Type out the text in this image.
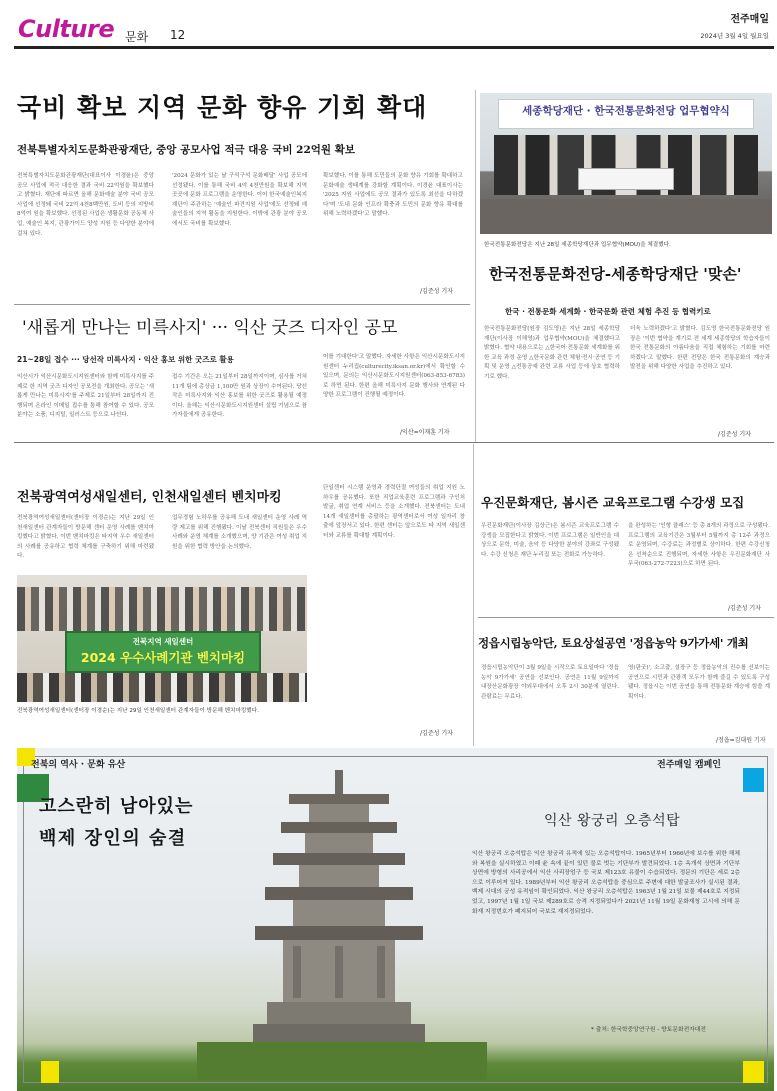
Culture 문화 12
전주매일
2024년 3월 4일 월요일
국비 확보 지역 문화 향유 기회 확대
전북특별자치도문화관광재단, 중앙 공모사업 적극 대응 국비 22억원 확보

전북특별자치도문화관광재단(대표이사 이경윤)은 중앙 공모 사업에 적극 대응한 결과 국비 22억원을 확보했다고 밝혔다. 재단에 따르면 올해 문화예술 분야 국비 공모사업에 선정돼 국비 22억 4천8백만원, 도비 등의 지방비 8억여 원을 확보했다. 선정된 사업은 생활문화 공동체 사업, 예술인 복지, 관광가이드 양성 지원 등 다양한 분야에 걸쳐 있다.

'2024 문화가 있는 날 구석구석 문화배달' 사업 공모에 선정됐다. 이를 통해 국비 4억 4천만원을 확보해 지역 곳곳에 문화 프로그램을 운영한다. 이어 한국예술인복지재단이 주관하는 '예술인 파견지원 사업'에도 선정돼 예술인들의 지역 활동을 지원한다. 이밖에 관광 분야 공모에서도 국비를 확보했다.

확보했다. 이를 통해 도민들의 문화 향유 기회를 확대하고 문화예술 생태계를 강화할 계획이다. 이경윤 대표이사는 '2025 지원 사업에도 공모 결과가 있도록 최선을 다하겠다'며 '도내 문화 인프라 확충과 도민의 문화 향유 확대를 위해 노력하겠다'고 말했다.

/김준성 기자
세종학당재단 · 한국전통문화전당 업무협약식
한국전통문화전당은 지난 28일 세종학당재단과 업무협약(MOU)을 체결했다.
한국전통문화전당-세종학당재단 '맞손'
한국 · 전통문화 세계화 · 한국문화 관련 체험 추진 등 협력키로

한국전통문화전당(원장 김도영)은 지난 28일 세종학당재단(이사장 이해영)과 업무협약(MOU)을 체결했다고 밝혔다. 협약 내용으로는 △한국어·전통문화 세계화를 위한 교육 과정 운영 △한국문화 관련 체험·전시·공연 등 기획 및 운영 △전통공예 관련 교류 사업 등에 상호 협력하기로 했다.

더욱 노력하겠다'고 밝혔다. 김도영 한국전통문화전당 원장은 '이번 협약을 계기로 전 세계 세종학당의 학습자들이 한국 전통문화의 아름다움을 직접 체험하는 기회를 마련하겠다'고 말했다. 한편 전당은 한국 전통문화의 계승과 발전을 위해 다양한 사업을 추진하고 있다.

/김준성 기자
'새롭게 만나는 미륵사지' ··· 익산 굿즈 디자인 공모
21~28일 접수 ··· 당선작 미륵사지 · 익산 홍보 위한 굿즈로 활용

익산시가 익산시문화도시지원센터와 함께 미륵사지를 주제로 한 지역 굿즈 디자인 공모전을 개최한다. 공모는 '새롭게 만나는 미륵사지'를 주제로 21일부터 28일까지 진행되며 온라인 이메일 접수를 통해 참여할 수 있다. 공모 분야는 소품, 디지털, 일러스트 등으로 나뉜다.

접수 기간은 오는 21일부터 28일까지이며, 심사를 거쳐 11개 팀에 총상금 1,100만 원과 상장이 수여된다. 당선작은 미륵사지와 익산 홍보를 위한 굿즈로 활용될 예정이다. 올해는 익산시문화도시지원센터 설립 기념으로 참가자들에게 공유한다.

어를 기대한다'고 말했다. 자세한 사항은 익산시문화도시지원센터 누리집(culturecity.iksan.or.kr)에서 확인할 수 있으며, 문의는 익산시문화도시지원센터(063-853-6783)로 하면 된다. 한편 올해 미륵사지 문화 행사와 연계된 다양한 프로그램이 진행될 예정이다.

/익산=이재훈 기자
전북광역여성새일센터, 인천새일센터 벤치마킹

전북광역여성새일센터(센터장 이경순)는 지난 29일 인천새일센터 관계자들이 방문해 센터 운영 사례를 벤치마킹했다고 밝혔다. 이번 벤치마킹은 타지역 우수 새일센터의 사례를 공유하고 협력 체계를 구축하기 위해 마련됐다.

업무경험 노하우를 공유해 도내 새일센터 운영 사례 역량 제고를 위해 진행됐다. 이날 전북센터 직원들은 우수 사례와 운영 체계를 소개했으며, 양 기관은 여성 취업 지원을 위한 협력 방안을 논의했다.

단일센터 시스템 운영과 경력단절 여성들의 취업 지원 노하우를 공유했다. 또한 직업교육훈련 프로그램과 구인처 발굴, 취업 연계 서비스 등을 소개했다. 전북센터는 도내 14개 새일센터를 총괄하는 광역센터로서 여성 일자리 창출에 앞장서고 있다. 한편 센터는 앞으로도 타 지역 새일센터와 교류를 확대할 계획이다.

/김준성 기자
전북지역 새일센터
2024 우수사례기관 벤치마킹
전북광역여성새일센터(센터장 이경순)는 지난 29일 인천새일센터 관계자들이 방문해 벤치마킹했다.
우진문화재단, 봄시즌 교육프로그램 수강생 모집

우진문화재단(이사장 김상근)은 봄시즌 교육프로그램 수강생을 모집한다고 밝혔다. 이번 프로그램은 일반인을 대상으로 문학, 미술, 음악 등 다양한 분야의 강좌로 구성됐다. 수강 신청은 재단 누리집 또는 전화로 가능하다.

을 완성하는 '인형 클래스' 등 총 8개의 과정으로 구성됐다. 프로그램의 교육기간은 3월부터 5월까지 총 12주 과정으로 운영되며, 수강료는 과정별로 상이하다. 한편 수강신청은 선착순으로 진행되며, 자세한 사항은 우진문화재단 사무국(063-272-7223)으로 하면 된다.

/김준성 기자
정읍시립농악단, 토요상설공연 '정읍농악 9가가세' 개최

정읍시립농악단이 3월 9일을 시작으로 토요일마다 '정읍농악 9가가세' 공연을 선보인다. 공연은 11월 9일까지 내장산문화광장 야외무대에서 오후 2시 30분에 열린다. 관람료는 무료다.

영(판굿)', 소고춤, 설장구 등 정읍농악의 진수를 선보이는 공연으로 시민과 관광객 모두가 함께 즐길 수 있도록 구성됐다. 정읍시는 이번 공연을 통해 전통문화 계승에 힘쓸 계획이다.

/정읍=김대원 기자
전북의 역사 · 문화 유산	전주매일 캠페인
고스란히 남아있는
백제 장인의 숨결
익산 왕궁리 오층석탑
익산 왕궁리 오층석탑은 익산 왕궁리 유적에 있는 오층석탑이다. 1965년부터 1966년에 보수를 위한 해체와 복원을 실시하였고 이때 윤 속에 끝이 있던 불로 벗는 기단부가 발견되었다. 1층 옥개석 상면과 기단부 상면에 방형의 사리공에서 익산 사리장엄구 등 국보 제123호 유물이 수습되었다. 정문의 기단은 세로 2층으로 이루어져 있다. 1989년부터 익산 왕궁리 오층석탑을 중심으로 주변에 대한 발굴조사가 실시된 결과, 백제 시대의 궁성 유적임이 확인되었다. 익산 왕궁리 오층석탑은 1963년 1월 21일 보물 제44호로 지정되었고, 1997년 1월 1일 국보 제289호로 승격 지정되었다가 2021년 11월 19일 문화재청 고시에 의해 문화재 지정번호가 폐지되어 국보로 재지정되었다.
* 출처: 한국학중앙연구원 - 향토문화전자대전
